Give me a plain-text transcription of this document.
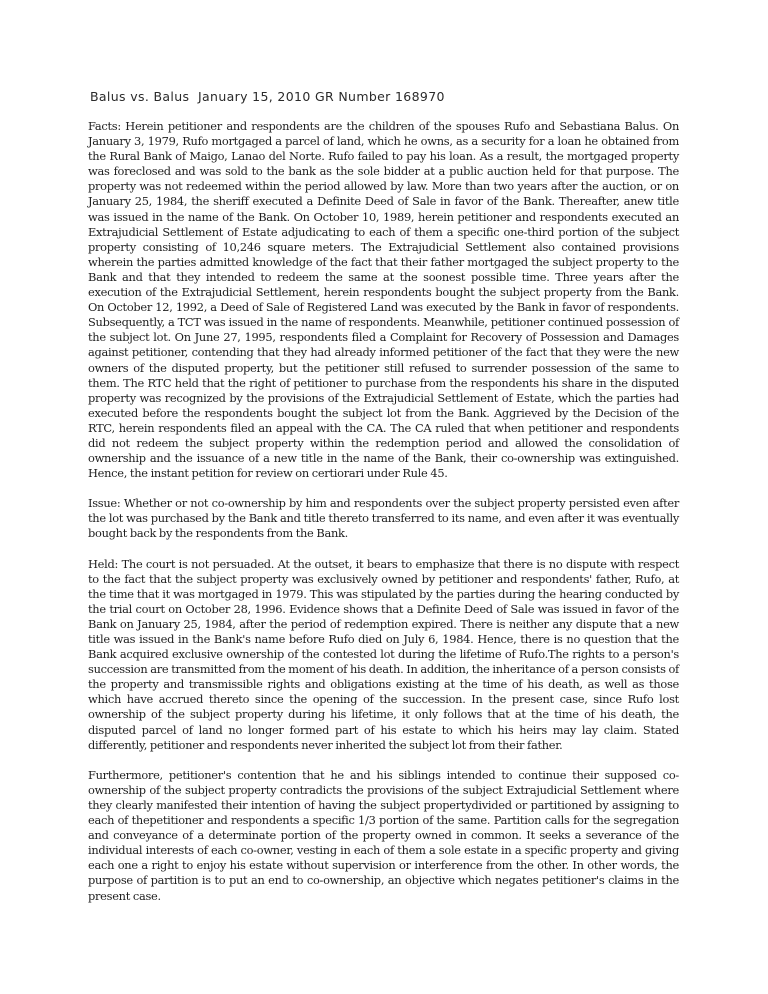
Balus vs. Balus  January 15, 2010 GR Number 168970

Facts: Herein petitioner and respondents are the children of the spouses Rufo and Sebastiana Balus. On January 3, 1979, Rufo mortgaged a parcel of land, which he owns, as a security for a loan he obtained from the Rural Bank of Maigo, Lanao del Norte. Rufo failed to pay his loan. As a result, the mortgaged property was foreclosed and was sold to the bank as the sole bidder at a public auction held for that purpose. The property was not redeemed within the period allowed by law. More than two years after the auction, or on January 25, 1984, the sheriff executed a Definite Deed of Sale in favor of the Bank. Thereafter, anew title was issued in the name of the Bank. On October 10, 1989, herein petitioner and respondents executed an Extrajudicial Settlement of Estate adjudicating to each of them a specific one-third portion of the subject property consisting of 10,246 square meters. The Extrajudicial Settlement also contained provisions wherein the parties admitted knowledge of the fact that their father mortgaged the subject property to the Bank and that they intended to redeem the same at the soonest possible time. Three years after the execution of the Extrajudicial Settlement, herein respondents bought the subject property from the Bank. On October 12, 1992, a Deed of Sale of Registered Land was executed by the Bank in favor of respondents. Subsequently, a TCT was issued in the name of respondents. Meanwhile, petitioner continued possession of the subject lot. On June 27, 1995, respondents filed a Complaint for Recovery of Possession and Damages against petitioner, contending that they had already informed petitioner of the fact that they were the new owners of the disputed property, but the petitioner still refused to surrender possession of the same to them. The RTC held that the right of petitioner to purchase from the respondents his share in the disputed property was recognized by the provisions of the Extrajudicial Settlement of Estate, which the parties had executed before the respondents bought the subject lot from the Bank. Aggrieved by the Decision of the RTC, herein respondents filed an appeal with the CA. The CA ruled that when petitioner and respondents did not redeem the subject property within the redemption period and allowed the consolidation of ownership and the issuance of a new title in the name of the Bank, their co-ownership was extinguished. Hence, the instant petition for review on certiorari under Rule 45.

Issue: Whether or not co-ownership by him and respondents over the subject property persisted even after the lot was purchased by the Bank and title thereto transferred to its name, and even after it was eventually bought back by the respondents from the Bank.

Held: The court is not persuaded. At the outset, it bears to emphasize that there is no dispute with respect to the fact that the subject property was exclusively owned by petitioner and respondents' father, Rufo, at the time that it was mortgaged in 1979. This was stipulated by the parties during the hearing conducted by the trial court on October 28, 1996. Evidence shows that a Definite Deed of Sale was issued in favor of the Bank on January 25, 1984, after the period of redemption expired. There is neither any dispute that a new title was issued in the Bank's name before Rufo died on July 6, 1984. Hence, there is no question that the Bank acquired exclusive ownership of the contested lot during the lifetime of Rufo.The rights to a person's succession are transmitted from the moment of his death. In addition, the inheritance of a person consists of the property and transmissible rights and obligations existing at the time of his death, as well as those which have accrued thereto since the opening of the succession. In the present case, since Rufo lost ownership of the subject property during his lifetime, it only follows that at the time of his death, the disputed parcel of land no longer formed part of his estate to which his heirs may lay claim. Stated differently, petitioner and respondents never inherited the subject lot from their father.

Furthermore, petitioner's contention that he and his siblings intended to continue their supposed co-ownership of the subject property contradicts the provisions of the subject Extrajudicial Settlement where they clearly manifested their intention of having the subject propertydivided or partitioned by assigning to each of thepetitioner and respondents a specific 1/3 portion of the same. Partition calls for the segregation and conveyance of a determinate portion of the property owned in common. It seeks a severance of the individual interests of each co-owner, vesting in each of them a sole estate in a specific property and giving each one a right to enjoy his estate without supervision or interference from the other. In other words, the purpose of partition is to put an end to co-ownership, an objective which negates petitioner's claims in the present case.
